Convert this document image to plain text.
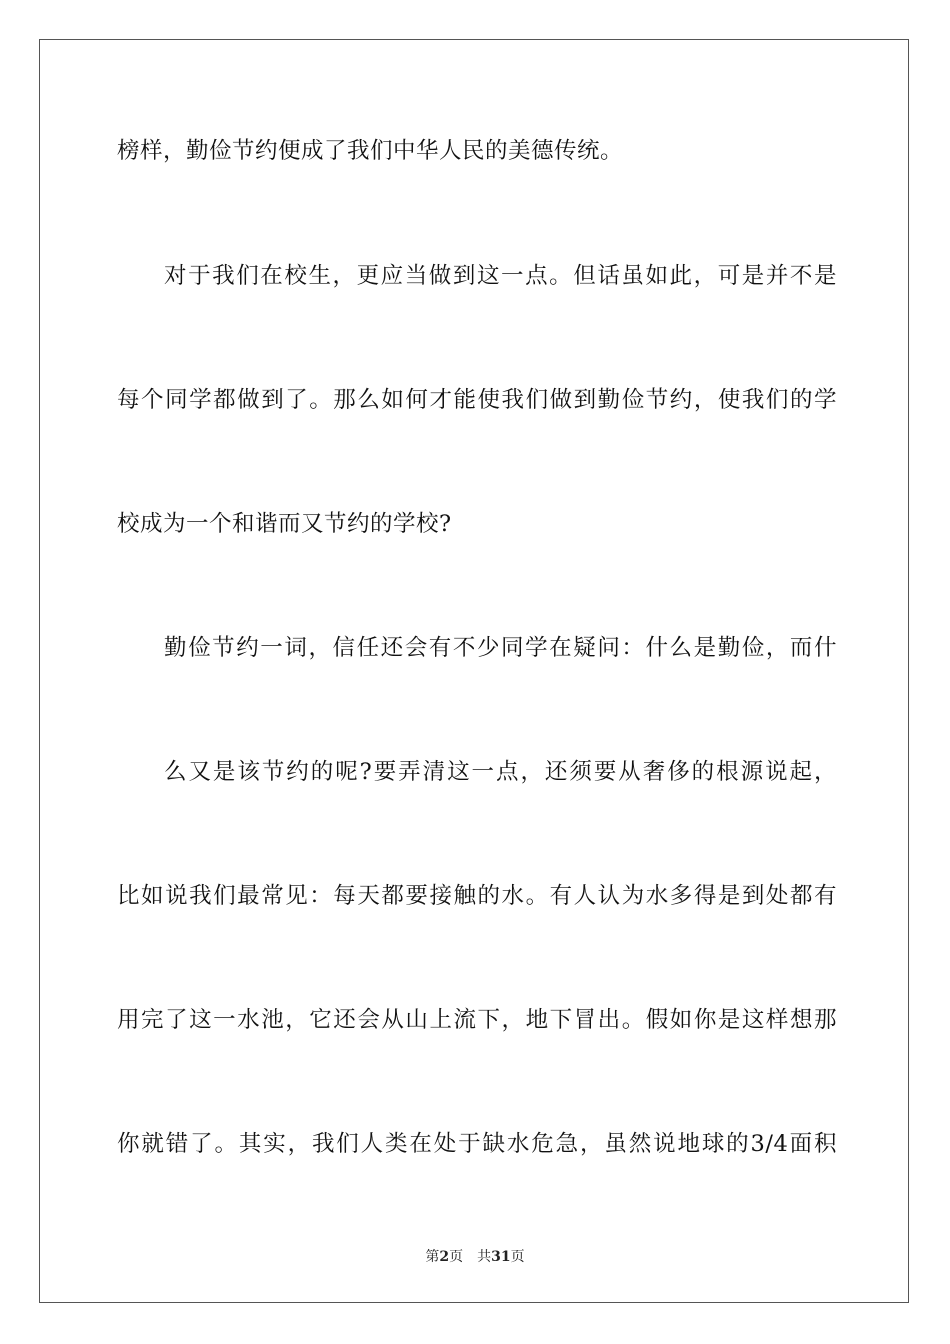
榜样，勤俭节约便成了我们中华人民的美德传统。
对于我们在校生，更应当做到这一点。但话虽如此，可是并不是
每个同学都做到了。那么如何才能使我们做到勤俭节约，使我们的学
校成为一个和谐而又节约的学校?
勤俭节约一词，信任还会有不少同学在疑问：什么是勤俭，而什
么又是该节约的呢?要弄清这一点，还须要从奢侈的根源说起，
比如说我们最常见：每天都要接触的水。有人认为水多得是到处都有
用完了这一水池，它还会从山上流下，地下冒出。假如你是这样想那
你就错了。其实，我们人类在处于缺水危急，虽然说地球的3/4面积
第2页 共31页
